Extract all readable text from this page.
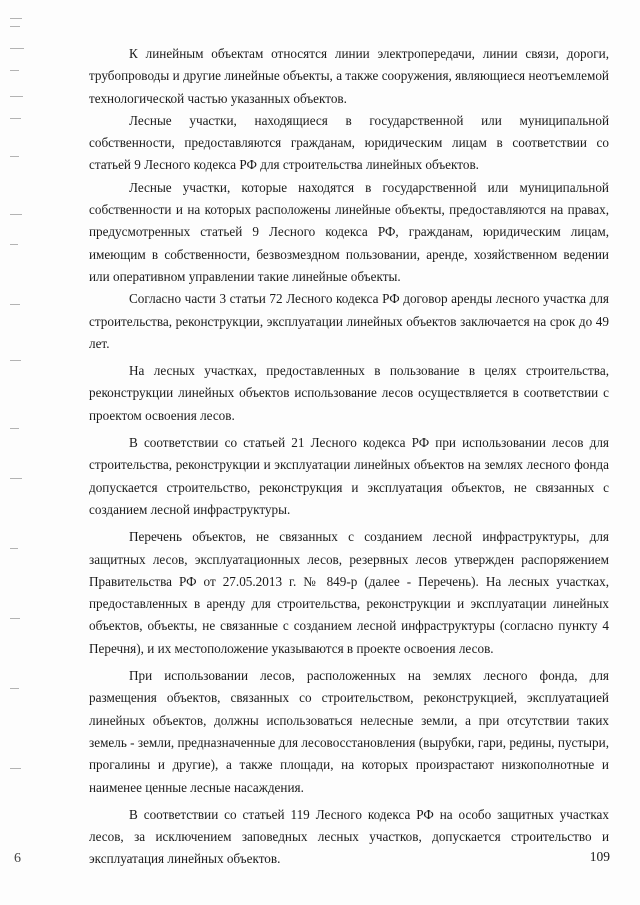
К линейным объектам относятся линии электропередачи, линии связи, дороги, трубопроводы и другие линейные объекты, а также сооружения, являющиеся неотъемлемой технологической частью указанных объектов.

Лесные участки, находящиеся в государственной или муниципальной собственности, предоставляются гражданам, юридическим лицам в соответствии со статьей 9 Лесного кодекса РФ для строительства линейных объектов.

Лесные участки, которые находятся в государственной или муниципальной собственности и на которых расположены линейные объекты, предоставляются на правах, предусмотренных статьей 9 Лесного кодекса РФ, гражданам, юридическим лицам, имеющим в собственности, безвозмездном пользовании, аренде, хозяйственном ведении или оперативном управлении такие линейные объекты.

Согласно части 3 статьи 72 Лесного кодекса РФ договор аренды лесного участка для строительства, реконструкции, эксплуатации линейных объектов заключается на срок до 49 лет.

На лесных участках, предоставленных в пользование в целях строительства, реконструкции линейных объектов использование лесов осуществляется в соответствии с проектом освоения лесов.

В соответствии со статьей 21 Лесного кодекса РФ при использовании лесов для строительства, реконструкции и эксплуатации линейных объектов на землях лесного фонда допускается строительство, реконструкция и эксплуатация объектов, не связанных с созданием лесной инфраструктуры.

Перечень объектов, не связанных с созданием лесной инфраструктуры, для защитных лесов, эксплуатационных лесов, резервных лесов утвержден распоряжением Правительства РФ от 27.05.2013 г. № 849-р (далее - Перечень). На лесных участках, предоставленных в аренду для строительства, реконструкции и эксплуатации линейных объектов, объекты, не связанные с созданием лесной инфраструктуры (согласно пункту 4 Перечня), и их местоположение указываются в проекте освоения лесов.

При использовании лесов, расположенных на землях лесного фонда, для размещения объектов, связанных со строительством, реконструкцией, эксплуатацией линейных объектов, должны использоваться нелесные земли, а при отсутствии таких земель - земли, предназначенные для лесовосстановления (вырубки, гари, редины, пустыри, прогалины и другие), а также площади, на которых произрастают низкополнотные и наименее ценные лесные насаждения.

В соответствии со статьей 119 Лесного кодекса РФ на особо защитных участках лесов, за исключением заповедных лесных участков, допускается строительство и эксплуатация линейных объектов.

6	109
